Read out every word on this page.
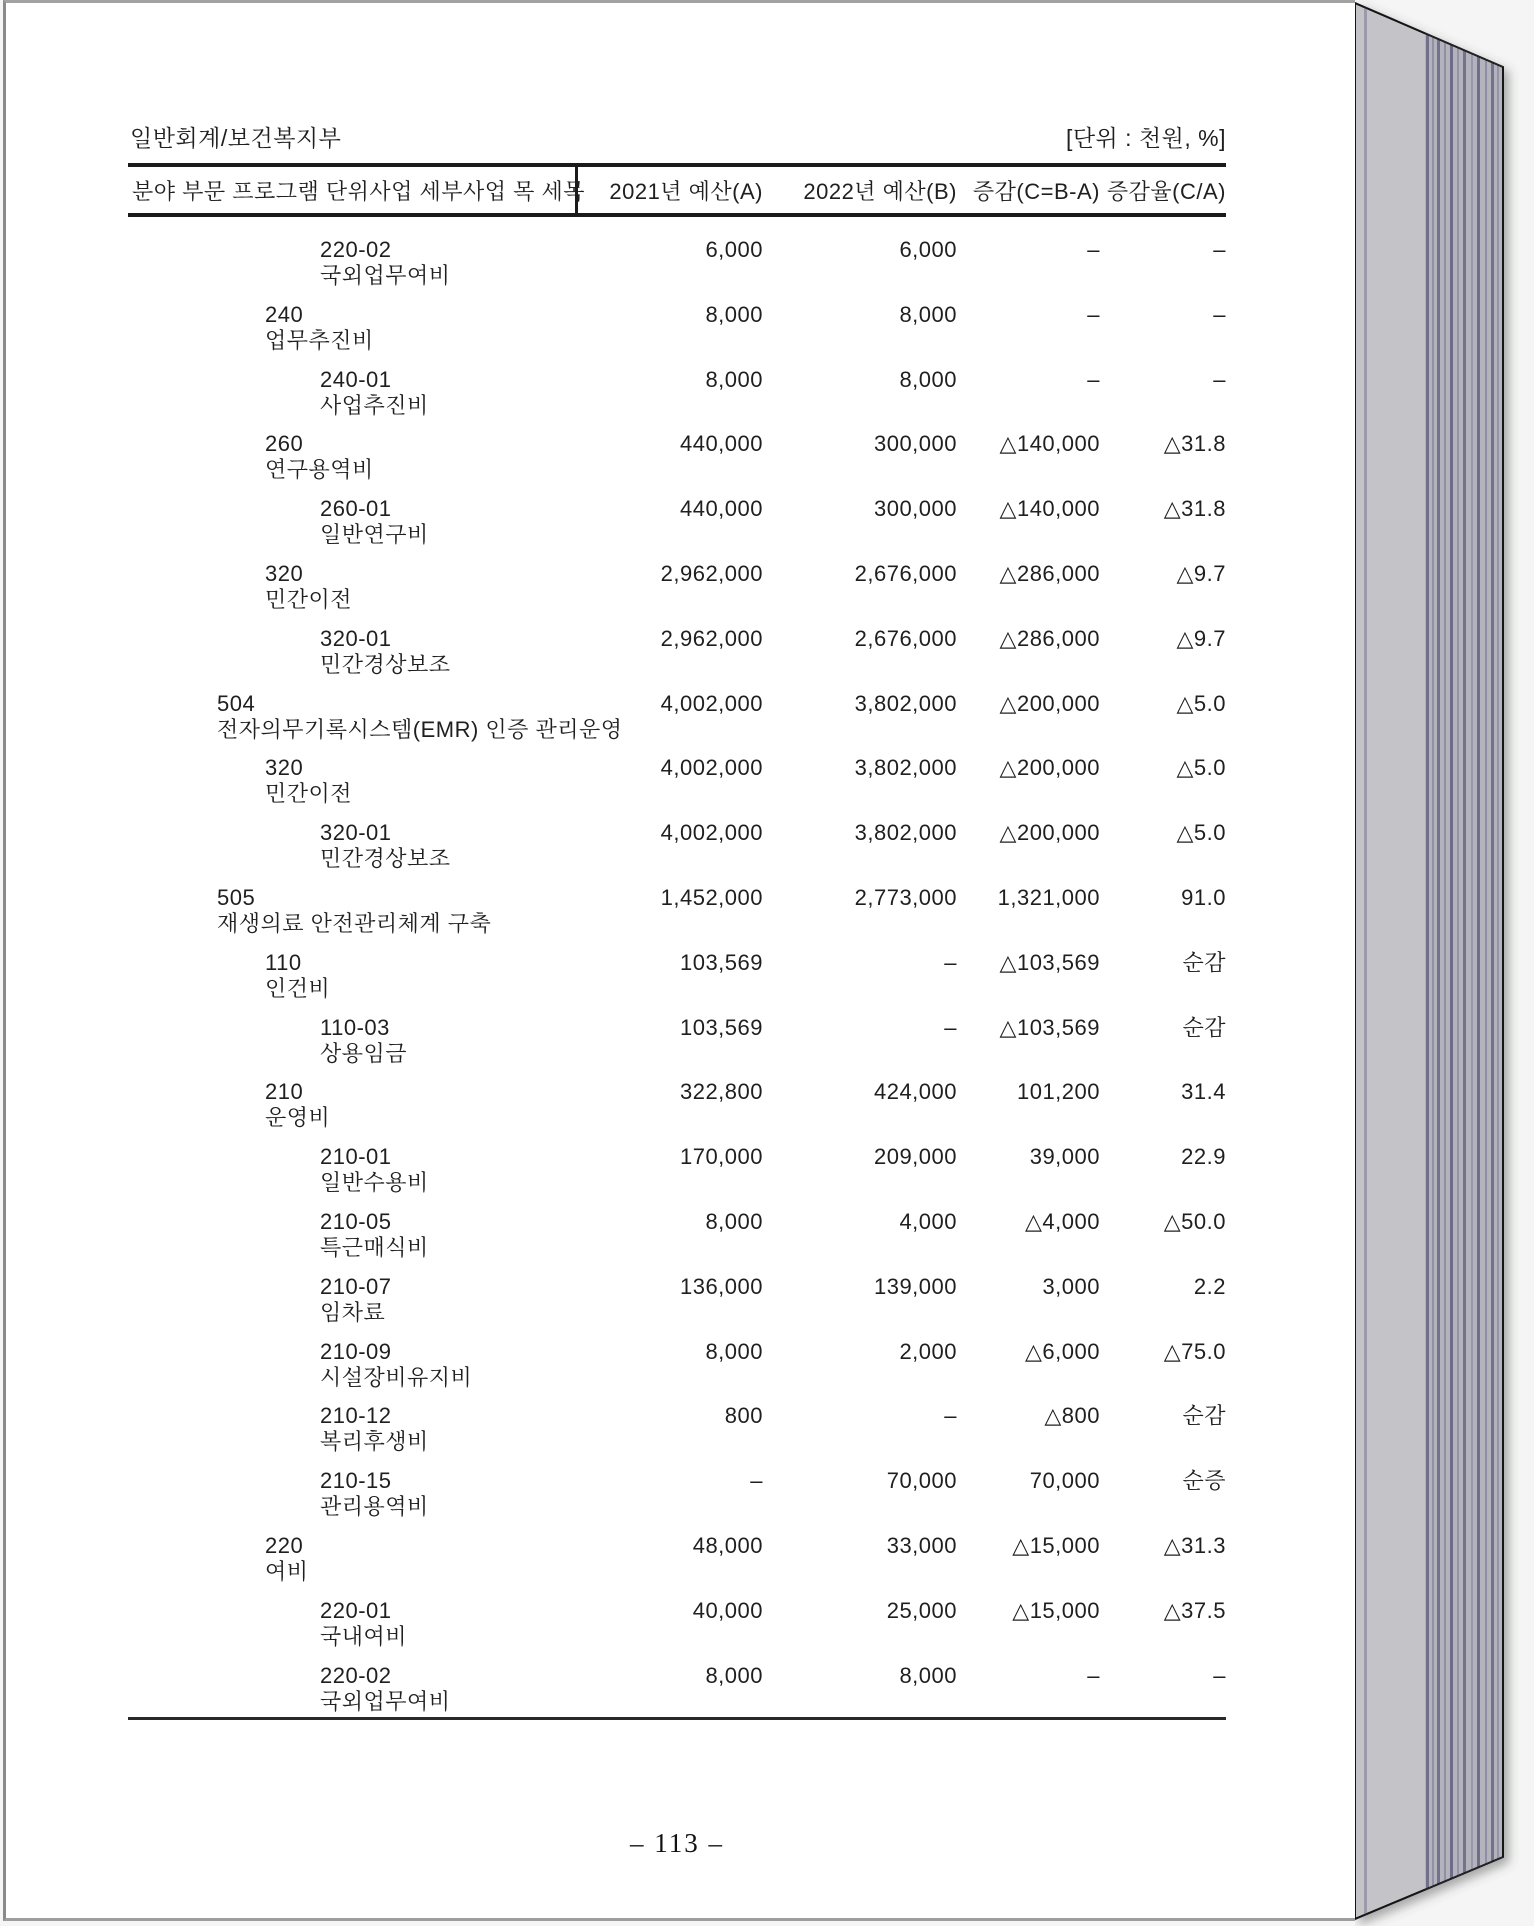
일반회계/보건복지부	[단위 : 천원, %]
분야 부문 프로그램 단위사업 세부사업 목 세목	2021년 예산(A)	2022년 예산(B) 증감(C=B-A) 증감율(C/A)
220-02
국외업무여비
6,000	6,000	–	–
240
업무추진비
8,000	8,000	–	–
240-01
사업추진비
8,000	8,000	–	–
260
연구용역비
440,000	300,000	△140,000	△31.8
260-01
일반연구비
440,000	300,000	△140,000	△31.8
320
민간이전
2,962,000	2,676,000	△286,000	△9.7
320-01
민간경상보조
2,962,000	2,676,000	△286,000	△9.7
504
전자의무기록시스템(EMR) 인증 관리운영
4,002,000	3,802,000	△200,000	△5.0
320
민간이전
4,002,000	3,802,000	△200,000	△5.0
320-01
민간경상보조
4,002,000	3,802,000	△200,000	△5.0
505
재생의료 안전관리체계 구축
1,452,000	2,773,000	1,321,000	91.0
110
인건비
103,569	–	△103,569	순감
110-03
상용임금
103,569	–	△103,569	순감
210
운영비
322,800	424,000	101,200	31.4
210-01
일반수용비
170,000	209,000	39,000	22.9
210-05
특근매식비
8,000	4,000	△4,000	△50.0
210-07
임차료
136,000	139,000	3,000	2.2
210-09
시설장비유지비
8,000	2,000	△6,000	△75.0
210-12
복리후생비
800	–	△800	순감
210-15
관리용역비
–	70,000	70,000	순증
220
여비
48,000	33,000	△15,000	△31.3
220-01
국내여비
40,000	25,000	△15,000	△37.5
220-02
국외업무여비
8,000	8,000	–	–
– 113 –
